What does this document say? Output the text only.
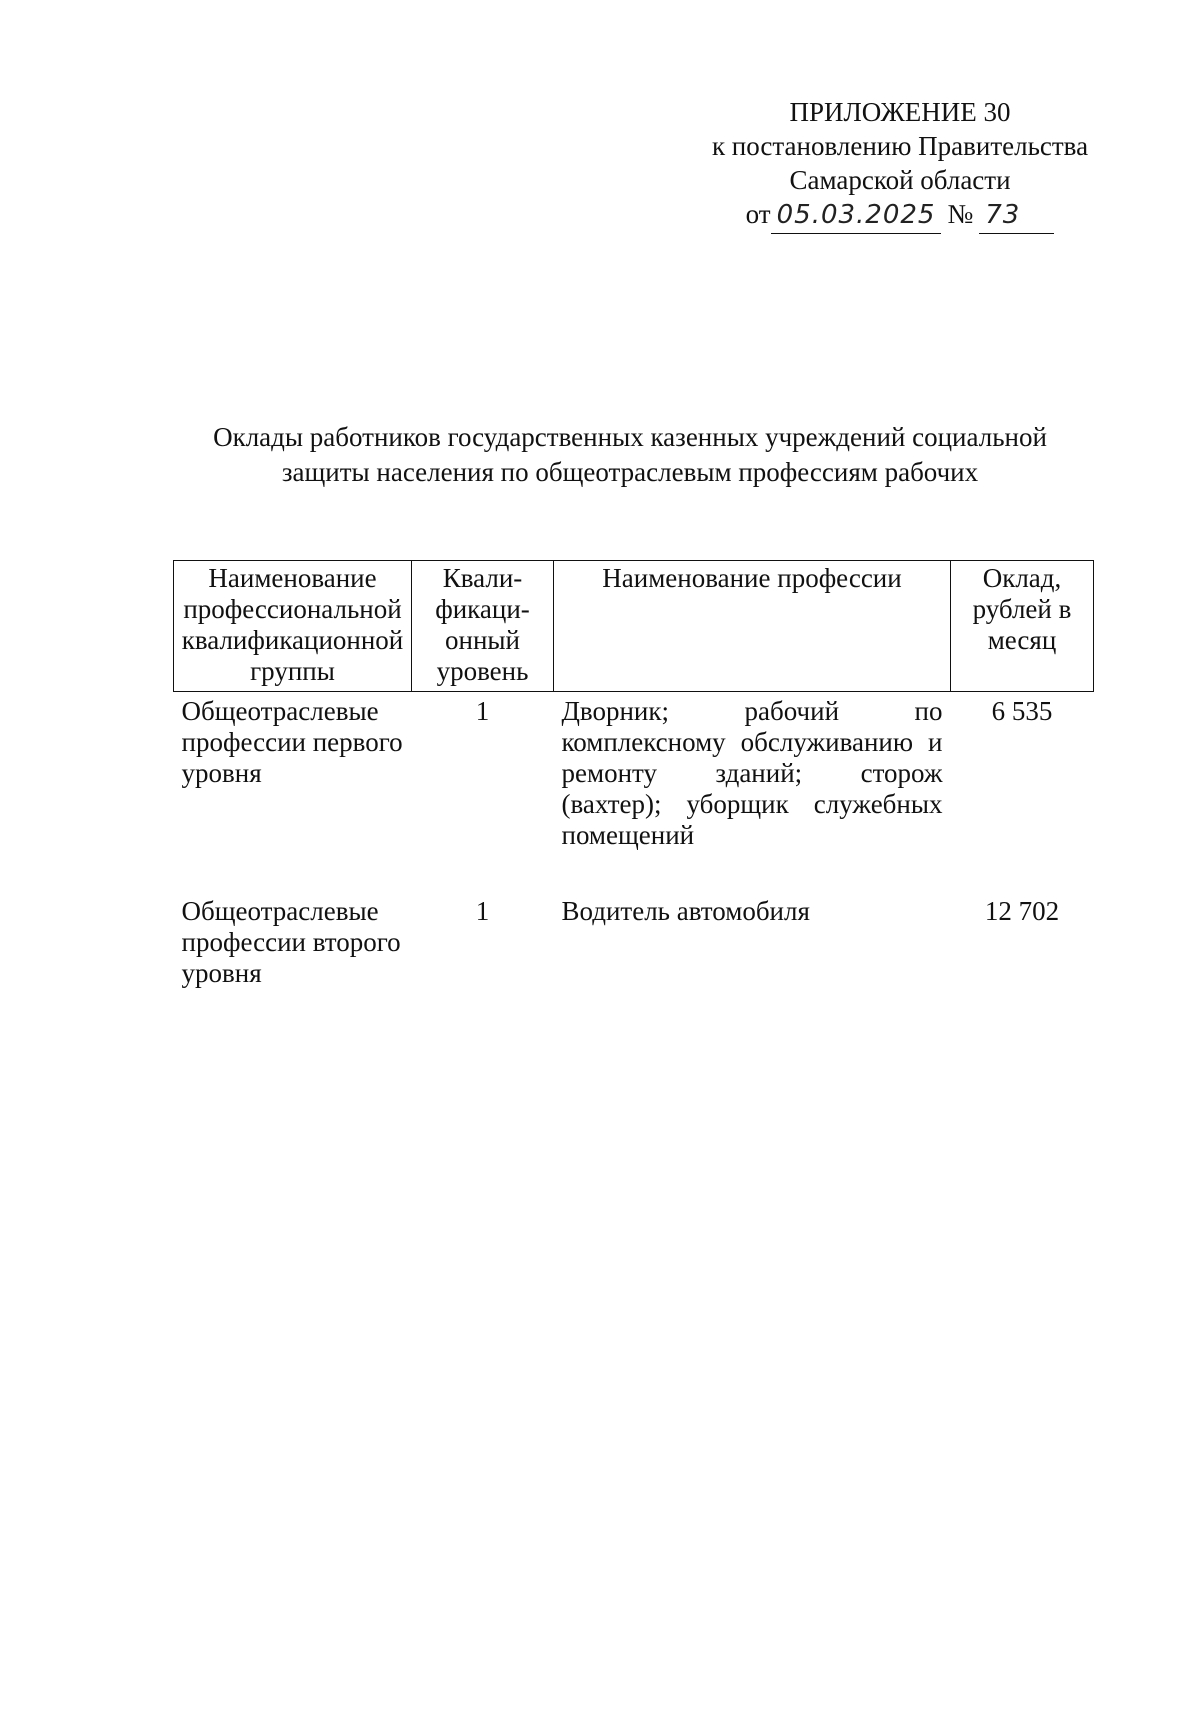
ПРИЛОЖЕНИЕ 30
к постановлению Правительства
Самарской области
от 05.03.2025 № 73
Оклады работников государственных казенных учреждений социальной защиты населения по общеотраслевым профессиям рабочих
Наименование профессиональной квалификационной группы	Квали-фикаци-онный уровень	Наименование профессии	Оклад, рублей в месяц
Общеотраслевые профессии первого уровня	1	Дворник; рабочий по комплексному обслуживанию и ремонту зданий; сторож (вахтер); уборщик служебных помещений	6 535
Общеотраслевые профессии второго уровня	1	Водитель автомобиля	12 702
